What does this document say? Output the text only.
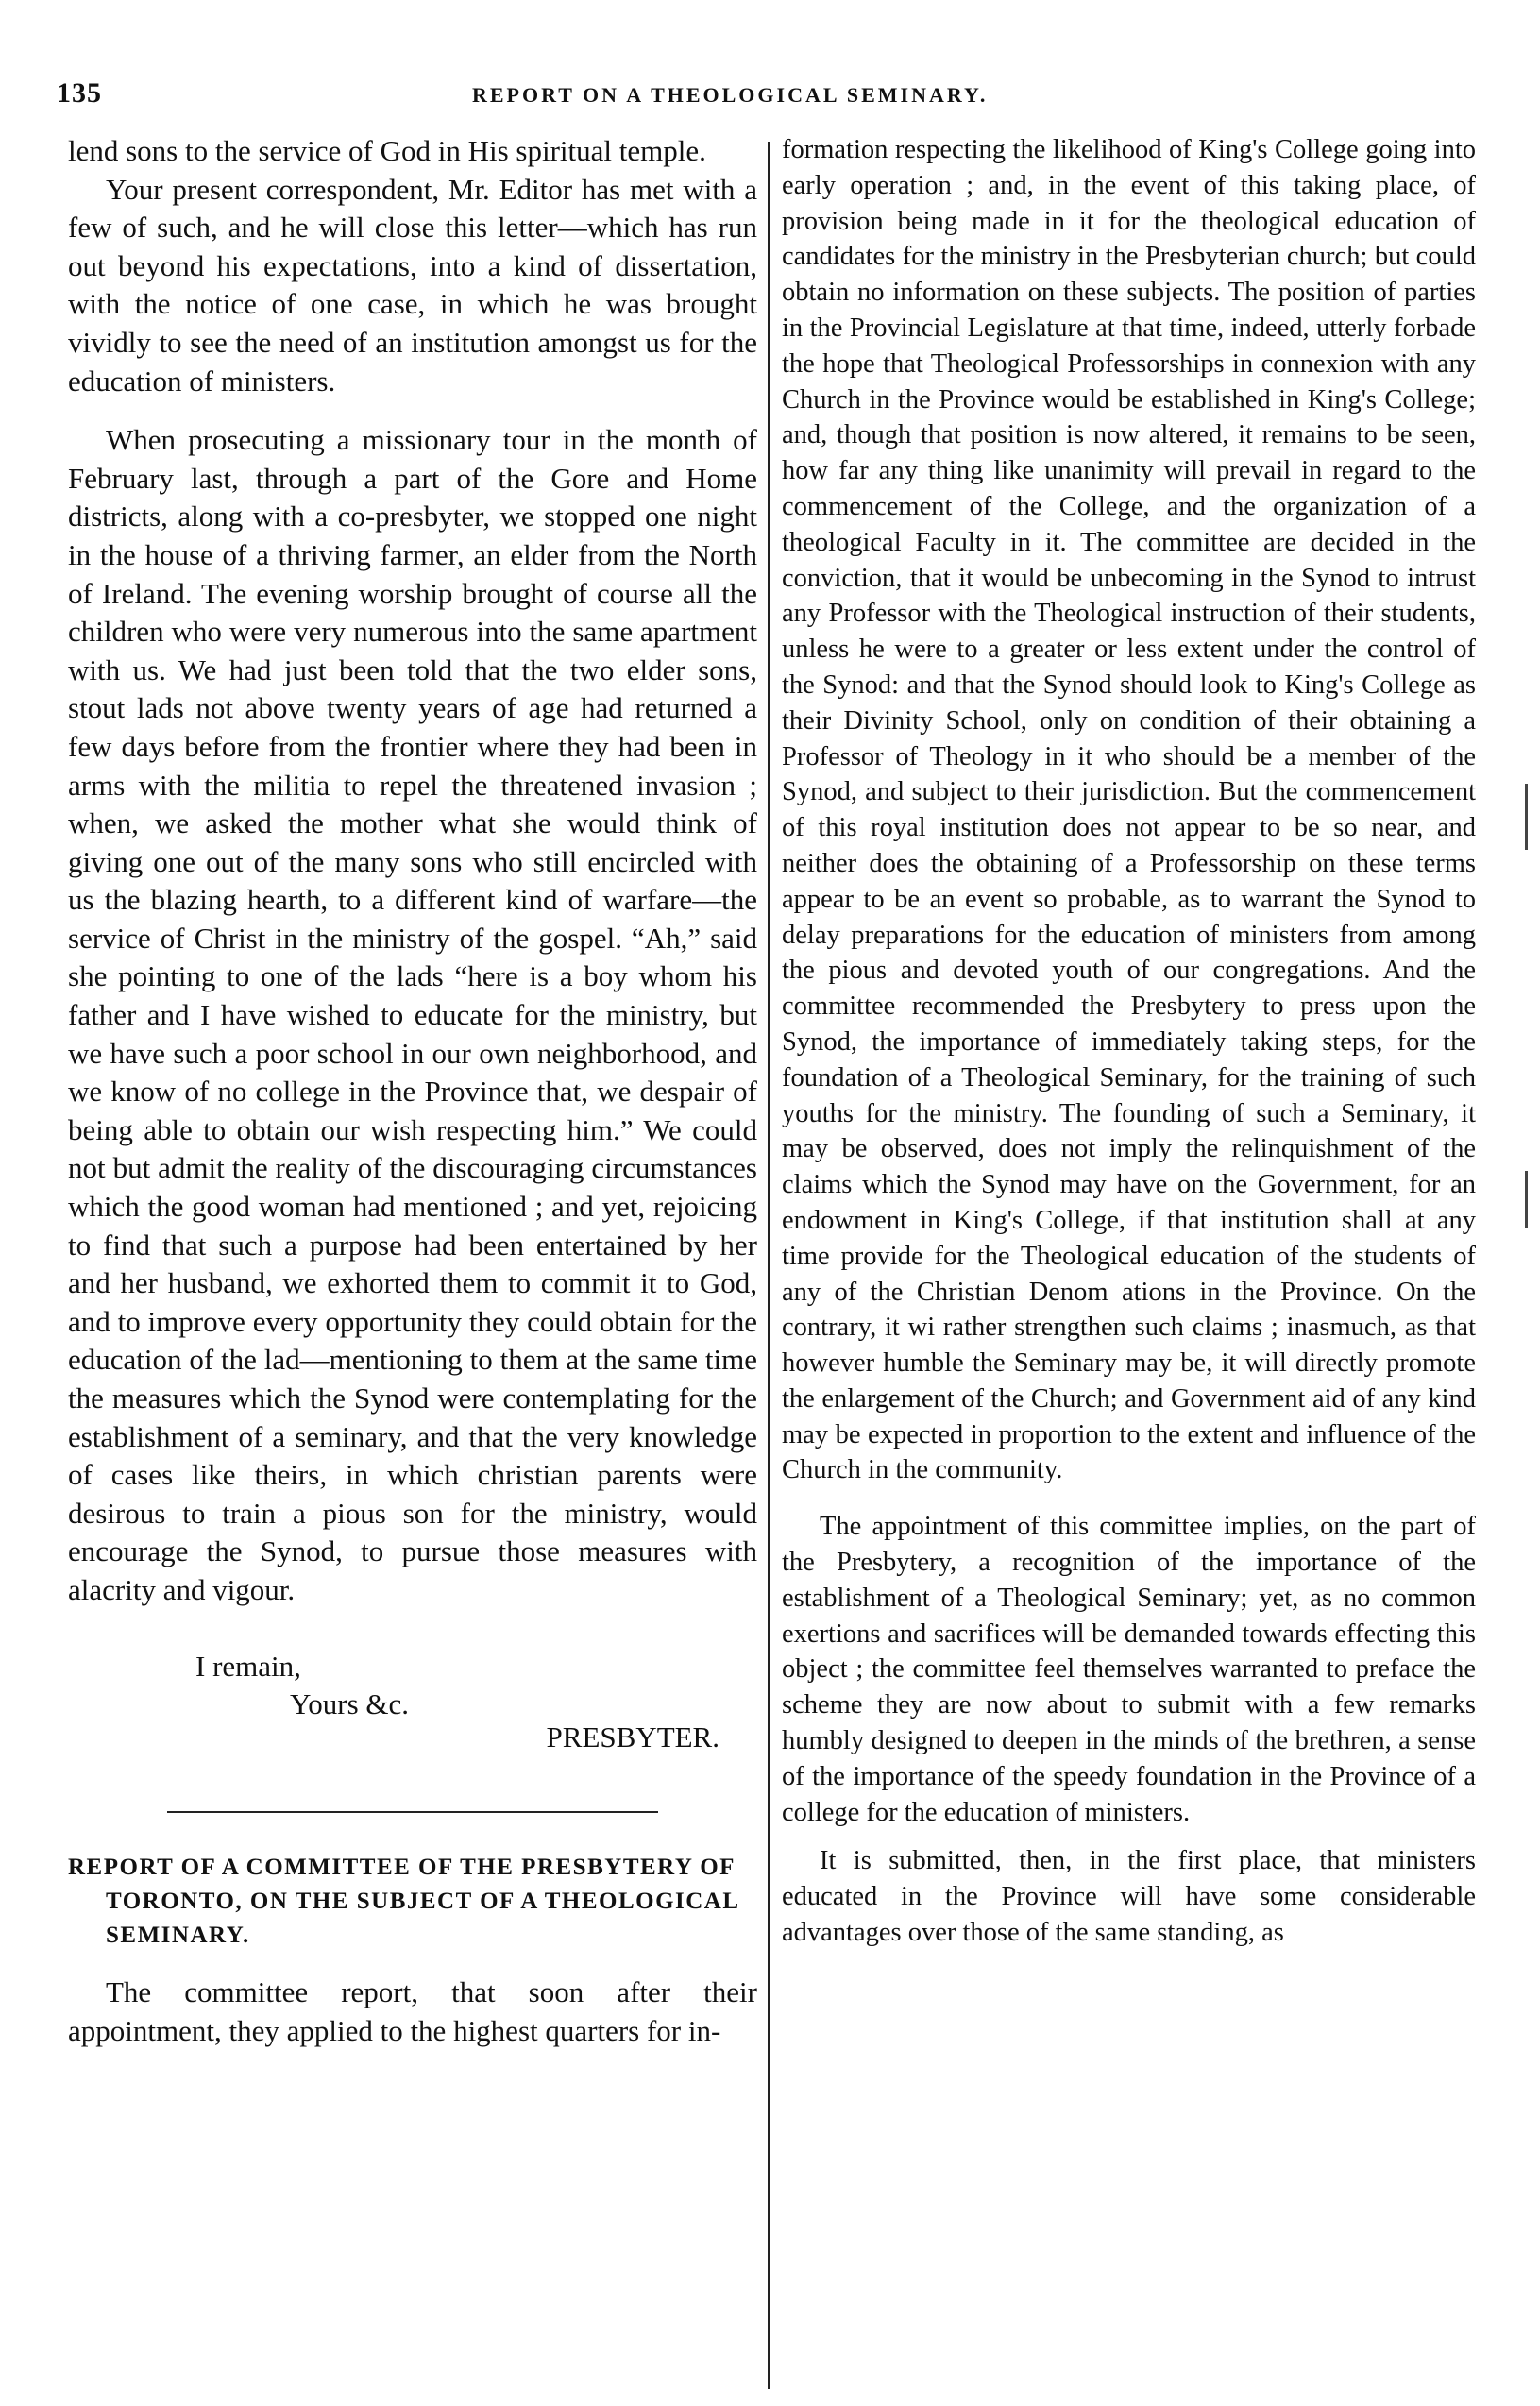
135	REPORT ON A THEOLOGICAL SEMINARY.

lend sons to the service of God in His spiritual temple.

Your present correspondent, Mr. Editor has met with a few of such, and he will close this letter—which has run out beyond his expectations, into a kind of dissertation, with the notice of one case, in which he was brought vividly to see the need of an institution amongst us for the education of ministers.

When prosecuting a missionary tour in the month of February last, through a part of the Gore and Home districts, along with a co-presbyter, we stopped one night in the house of a thriving farmer, an elder from the North of Ireland. The evening worship brought of course all the children who were very numerous into the same apartment with us. We had just been told that the two elder sons, stout lads not above twenty years of age had returned a few days before from the frontier where they had been in arms with the militia to repel the threatened invasion ; when, we asked the mother what she would think of giving one out of the many sons who still encircled with us the blazing hearth, to a different kind of warfare—the service of Christ in the ministry of the gospel. “Ah,” said she pointing to one of the lads “here is a boy whom his father and I have wished to educate for the ministry, but we have such a poor school in our own neighborhood, and we know of no college in the Province that, we despair of being able to obtain our wish respecting him.” We could not but admit the reality of the discouraging circumstances which the good woman had mentioned ; and yet, rejoicing to find that such a purpose had been entertained by her and her husband, we exhorted them to commit it to God, and to improve every opportunity they could obtain for the education of the lad—mentioning to them at the same time the measures which the Synod were contemplating for the establishment of a seminary, and that the very knowledge of cases like theirs, in which christian parents were desirous to train a pious son for the ministry, would encourage the Synod, to pursue those measures with alacrity and vigour.

I remain,

Yours &c.

PRESBYTER.

REPORT OF A COMMITTEE OF THE PRESBYTERY OF TORONTO, ON THE SUBJECT OF A THEOLOGICAL SEMINARY.

The committee report, that soon after their appointment, they applied to the highest quarters for in-

formation respecting the likelihood of King's College going into early operation ; and, in the event of this taking place, of provision being made in it for the theological education of candidates for the ministry in the Presbyterian church; but could obtain no information on these subjects. The position of parties in the Provincial Legislature at that time, indeed, utterly forbade the hope that Theological Professorships in connexion with any Church in the Province would be established in King's College; and, though that position is now altered, it remains to be seen, how far any thing like unanimity will prevail in regard to the commencement of the College, and the organization of a theological Faculty in it. The committee are decided in the conviction, that it would be unbecoming in the Synod to intrust any Professor with the Theological instruction of their students, unless he were to a greater or less extent under the control of the Synod: and that the Synod should look to King's College as their Divinity School, only on condition of their obtaining a Professor of Theology in it who should be a member of the Synod, and subject to their jurisdiction. But the commencement of this royal institution does not appear to be so near, and neither does the obtaining of a Professorship on these terms appear to be an event so probable, as to warrant the Synod to delay preparations for the education of ministers from among the pious and devoted youth of our congregations. And the committee recommended the Presbytery to press upon the Synod, the importance of immediately taking steps, for the foundation of a Theological Seminary, for the training of such youths for the ministry. The founding of such a Seminary, it may be observed, does not imply the relinquishment of the claims which the Synod may have on the Government, for an endowment in King's College, if that institution shall at any time provide for the Theological education of the students of any of the Christian Denom ations in the Province. On the contrary, it wi rather strengthen such claims ; inasmuch, as that however humble the Seminary may be, it will directly promote the enlargement of the Church; and Government aid of any kind may be expected in proportion to the extent and influence of the Church in the community.

The appointment of this committee implies, on the part of the Presbytery, a recognition of the importance of the establishment of a Theological Seminary; yet, as no common exertions and sacrifices will be demanded towards effecting this object ; the committee feel themselves warranted to preface the scheme they are now about to submit with a few remarks humbly designed to deepen in the minds of the brethren, a sense of the importance of the speedy foundation in the Province of a college for the education of ministers.

It is submitted, then, in the first place, that ministers educated in the Province will have some considerable advantages over those of the same standing, as
